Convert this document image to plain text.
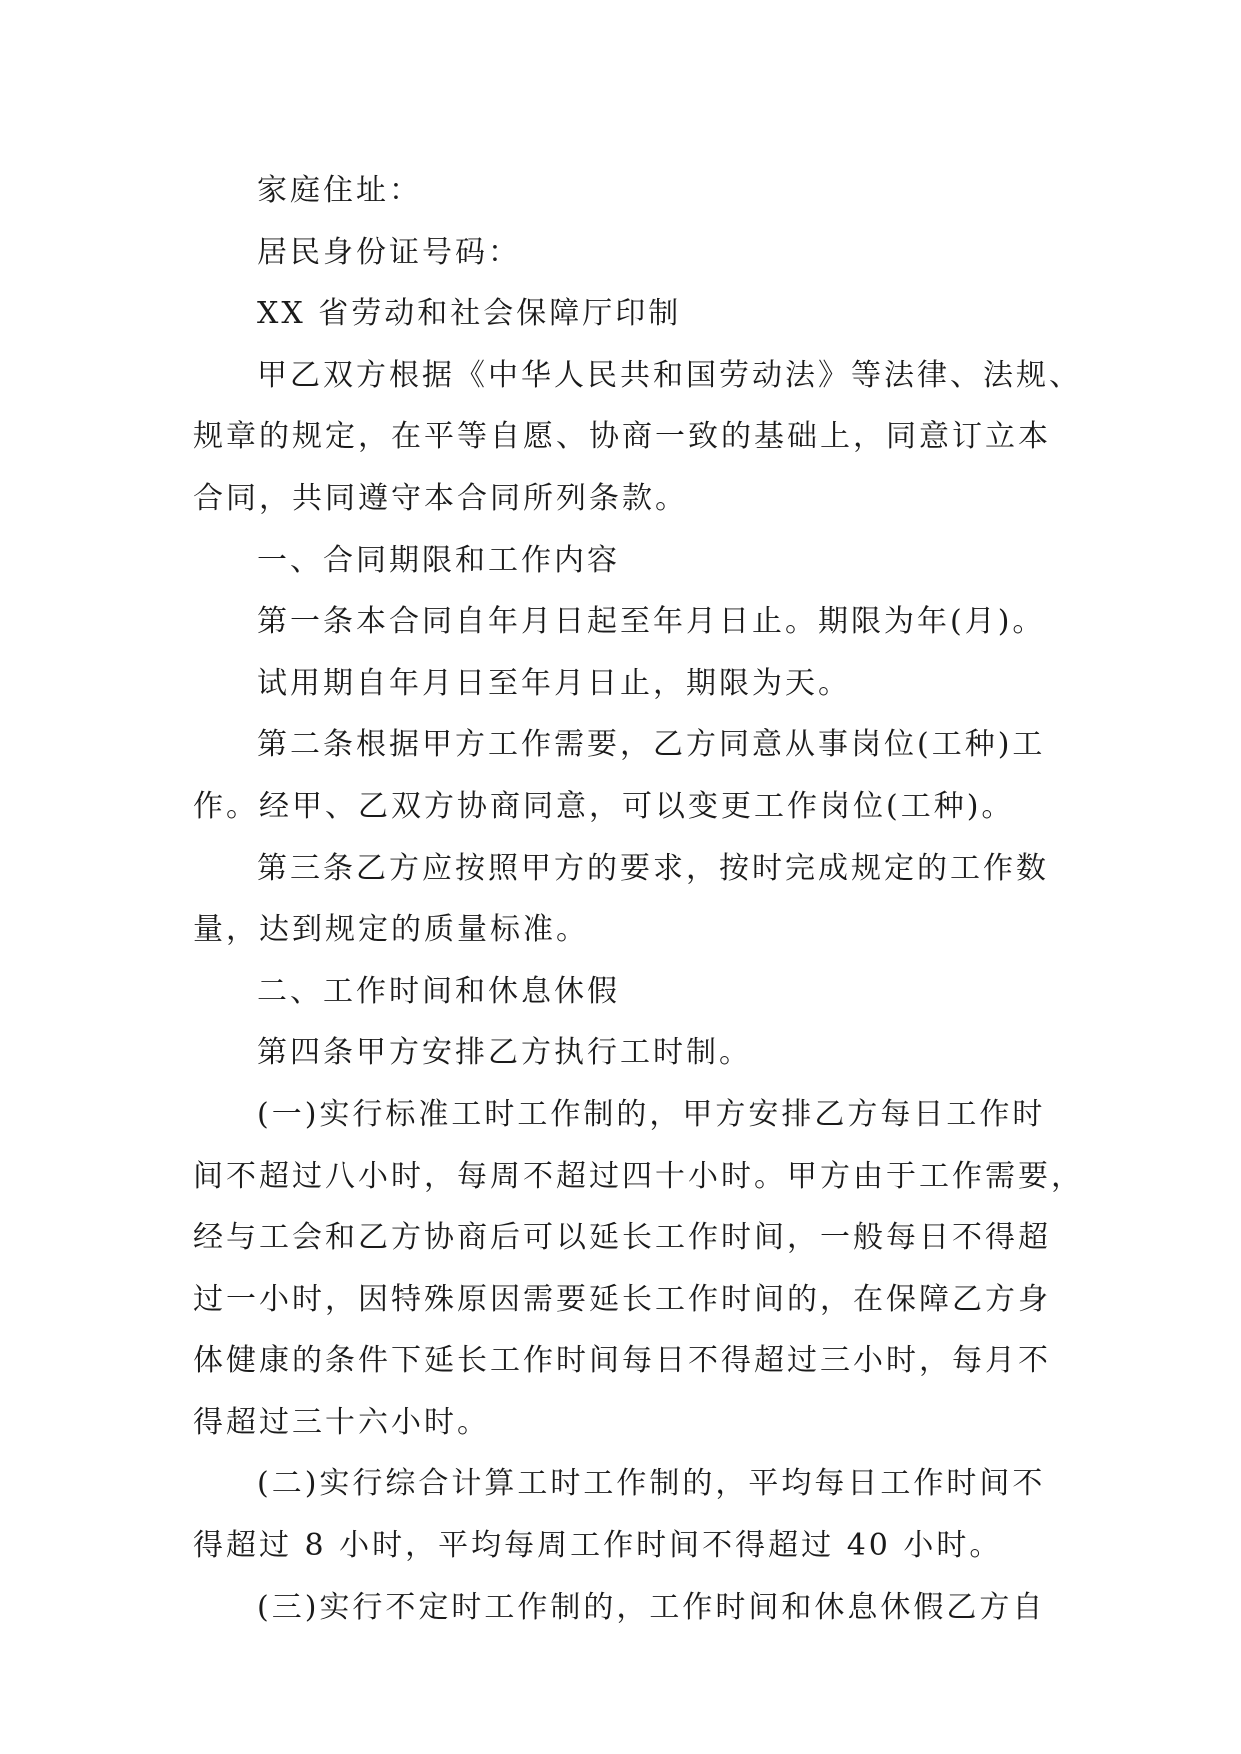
家庭住址：
居民身份证号码：
XX 省劳动和社会保障厅印制
甲乙双方根据《中华人民共和国劳动法》等法律、法规、
规章的规定，在平等自愿、协商一致的基础上，同意订立本
合同，共同遵守本合同所列条款。
一、合同期限和工作内容
第一条本合同自年月日起至年月日止。期限为年(月)。
试用期自年月日至年月日止，期限为天。
第二条根据甲方工作需要，乙方同意从事岗位(工种)工
作。经甲、乙双方协商同意，可以变更工作岗位(工种)。
第三条乙方应按照甲方的要求，按时完成规定的工作数
量，达到规定的质量标准。
二、工作时间和休息休假
第四条甲方安排乙方执行工时制。
(一)实行标准工时工作制的，甲方安排乙方每日工作时
间不超过八小时，每周不超过四十小时。甲方由于工作需要，
经与工会和乙方协商后可以延长工作时间，一般每日不得超
过一小时，因特殊原因需要延长工作时间的，在保障乙方身
体健康的条件下延长工作时间每日不得超过三小时，每月不
得超过三十六小时。
(二)实行综合计算工时工作制的，平均每日工作时间不
得超过 8 小时，平均每周工作时间不得超过 40 小时。
(三)实行不定时工作制的，工作时间和休息休假乙方自
